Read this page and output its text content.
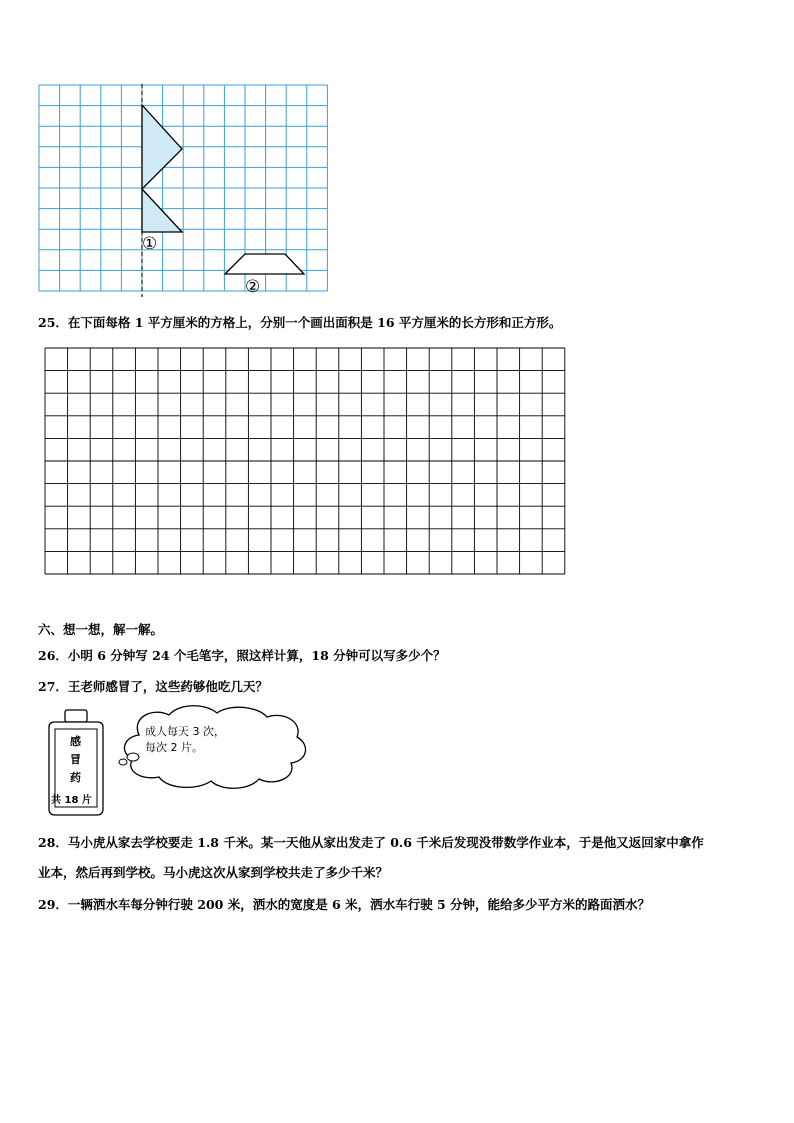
①
②
25．在下面每格 1 平方厘米的方格上，分别一个画出面积是 16 平方厘米的长方形和正方形。
六、想一想，解一解。
26．小明 6 分钟写 24 个毛笔字，照这样计算，18 分钟可以写多少个？
27．王老师感冒了，这些药够他吃几天？
成人每天 3 次，
每次 2 片。
感
冒
药
共 18 片
28．马小虎从家去学校要走 1.8 千米。某一天他从家出发走了 0.6 千米后发现没带数学作业本，于是他又返回家中拿作
业本，然后再到学校。马小虎这次从家到学校共走了多少千米？
29．一辆洒水车每分钟行驶 200 米，洒水的宽度是 6 米，洒水车行驶 5 分钟，能给多少平方米的路面洒水？
